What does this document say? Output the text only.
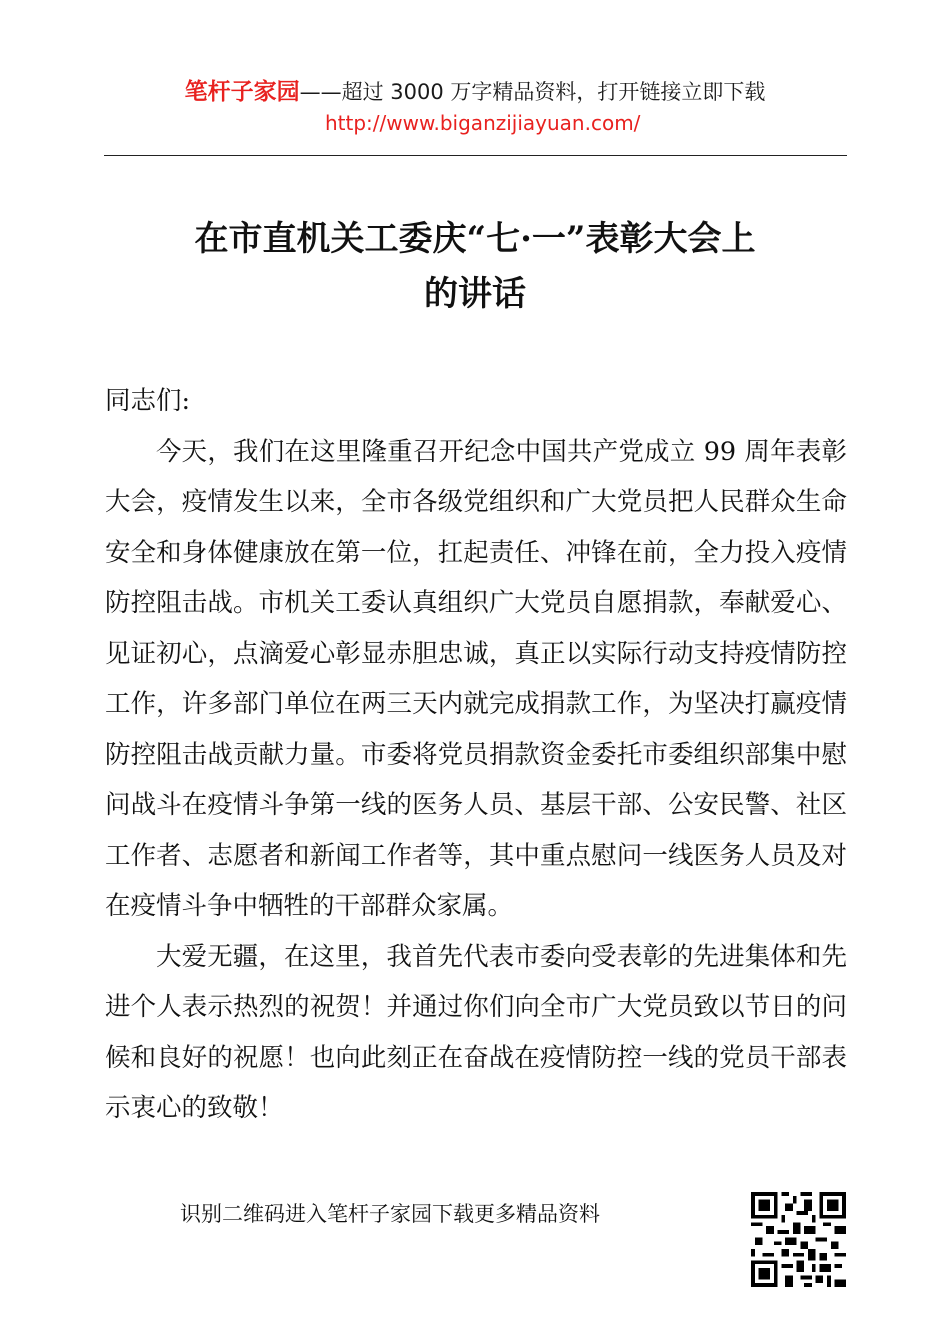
笔杆子家园——超过 3000 万字精品资料，打开链接立即下载
http://www.biganzijiayuan.com/
在市直机关工委庆“七·一”表彰大会上
的讲话

同志们:

今天，我们在这里隆重召开纪念中国共产党成立 99 周年表彰大会，疫情发生以来，全市各级党组织和广大党员把人民群众生命安全和身体健康放在第一位，扛起责任、冲锋在前，全力投入疫情防控阻击战。市机关工委认真组织广大党员自愿捐款，奉献爱心、见证初心，点滴爱心彰显赤胆忠诚，真正以实际行动支持疫情防控工作，许多部门单位在两三天内就完成捐款工作，为坚决打赢疫情防控阻击战贡献力量。市委将党员捐款资金委托市委组织部集中慰问战斗在疫情斗争第一线的医务人员、基层干部、公安民警、社区工作者、志愿者和新闻工作者等，其中重点慰问一线医务人员及对在疫情斗争中牺牲的干部群众家属。

大爱无疆，在这里，我首先代表市委向受表彰的先进集体和先进个人表示热烈的祝贺！并通过你们向全市广大党员致以节日的问候和良好的祝愿！也向此刻正在奋战在疫情防控一线的党员干部表示衷心的致敬！

识别二维码进入笔杆子家园下载更多精品资料
